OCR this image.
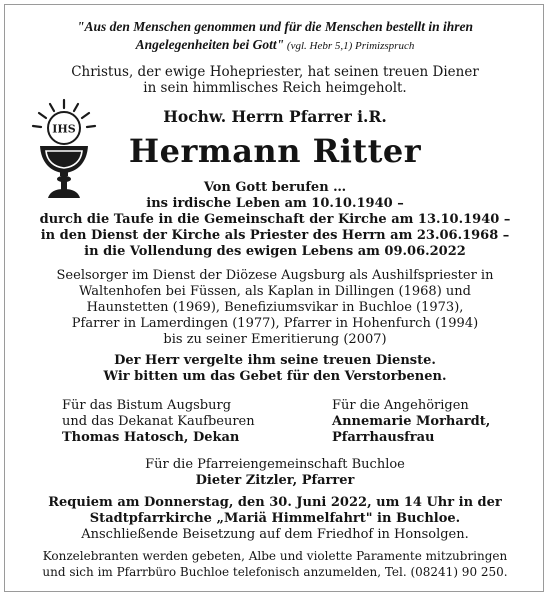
"Aus den Menschen genommen und für die Menschen bestellt in ihren
Angelegenheiten bei Gott" (vgl. Hebr 5,1) Primizspruch
Christus, der ewige Hohepriester, hat seinen treuen Diener
in sein himmlisches Reich heimgeholt.
IHS
Hochw. Herrn Pfarrer i.R.
Hermann Ritter
Von Gott berufen …
ins irdische Leben am 10.10.1940 –
durch die Taufe in die Gemeinschaft der Kirche am 13.10.1940 –
in den Dienst der Kirche als Priester des Herrn am 23.06.1968 –
in die Vollendung des ewigen Lebens am 09.06.2022
Seelsorger im Dienst der Diözese Augsburg als Aushilfspriester in
Waltenhofen bei Füssen, als Kaplan in Dillingen (1968) und
Haunstetten (1969), Benefiziumsvikar in Buchloe (1973),
Pfarrer in Lamerdingen (1977), Pfarrer in Hohenfurch (1994)
bis zu seiner Emeritierung (2007)
Der Herr vergelte ihm seine treuen Dienste.
Wir bitten um das Gebet für den Verstorbenen.
Für das Bistum Augsburg
und das Dekanat Kaufbeuren
Thomas Hatosch, Dekan
Für die Angehörigen
Annemarie Morhardt,
Pfarrhausfrau
Für die Pfarreiengemeinschaft Buchloe
Dieter Zitzler, Pfarrer
Requiem am Donnerstag, den 30. Juni 2022, um 14 Uhr in der
Stadtpfarrkirche „Mariä Himmelfahrt" in Buchloe.
Anschließende Beisetzung auf dem Friedhof in Honsolgen.
Konzelebranten werden gebeten, Albe und violette Paramente mitzubringen
und sich im Pfarrbüro Buchloe telefonisch anzumelden, Tel. (08241) 90 250.
